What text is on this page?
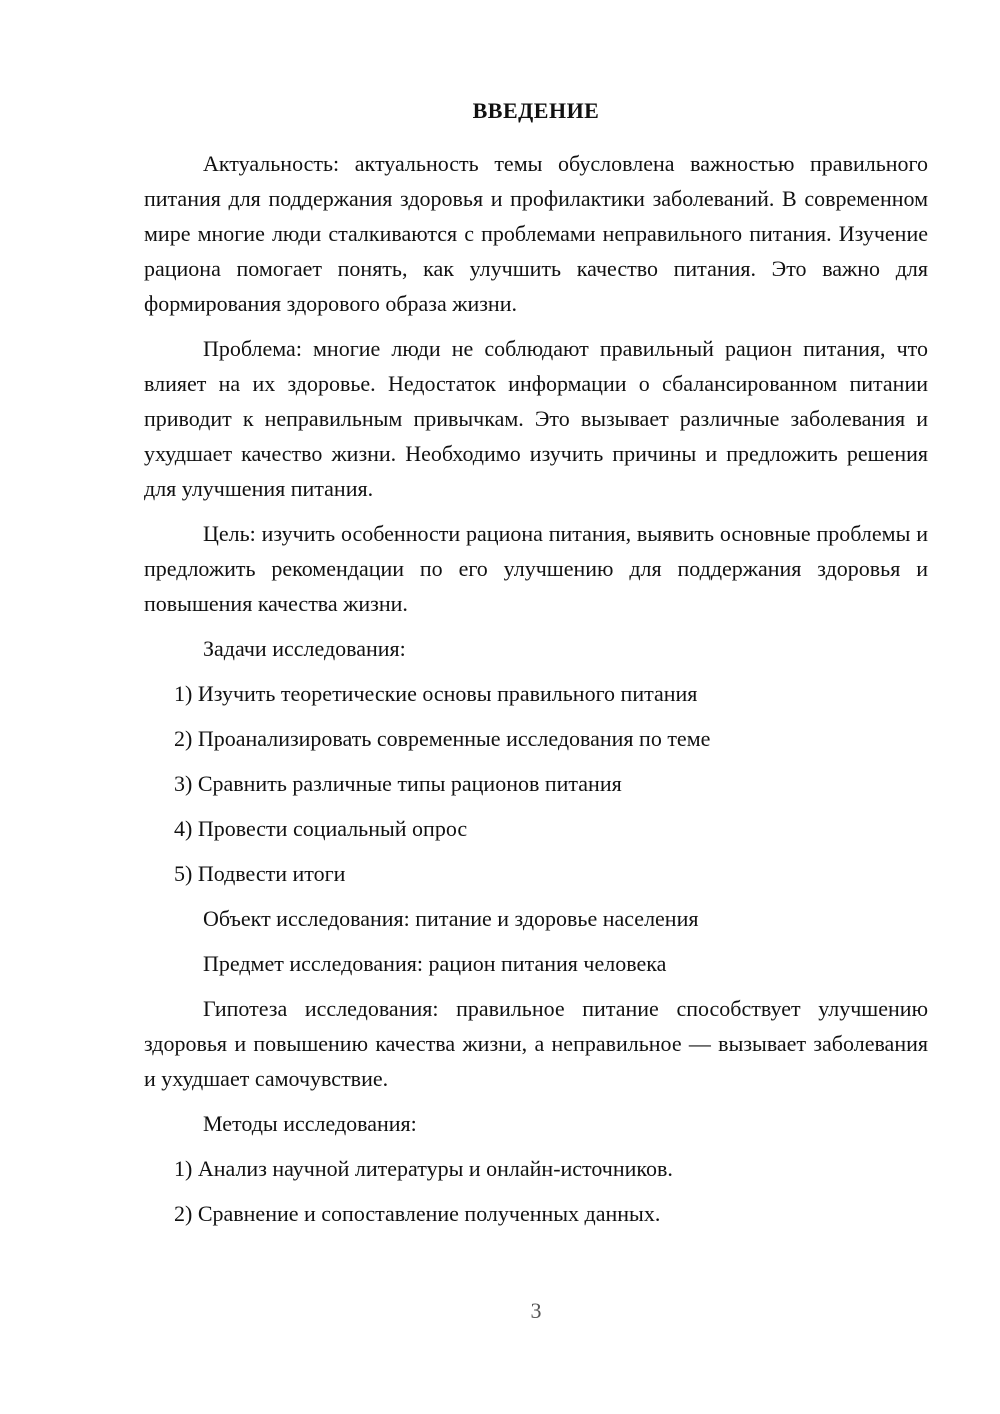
ВВЕДЕНИЕ

Актуальность: актуальность темы обусловлена важностью правильного питания для поддержания здоровья и профилактики заболеваний. В современном мире многие люди сталкиваются с проблемами неправильного питания. Изучение рациона помогает понять, как улучшить качество питания. Это важно для формирования здорового образа жизни.

Проблема: многие люди не соблюдают правильный рацион питания, что влияет на их здоровье. Недостаток информации о сбалансированном питании приводит к неправильным привычкам. Это вызывает различные заболевания и ухудшает качество жизни. Необходимо изучить причины и предложить решения для улучшения питания.

Цель: изучить особенности рациона питания, выявить основные проблемы и предложить рекомендации по его улучшению для поддержания здоровья и повышения качества жизни.

Задачи исследования:
1) Изучить теоретические основы правильного питания
2) Проанализировать современные исследования по теме
3) Сравнить различные типы рационов питания
4) Провести социальный опрос
5) Подвести итоги
Объект исследования: питание и здоровье населения
Предмет исследования: рацион питания человека

Гипотеза исследования: правильное питание способствует улучшению здоровья и повышению качества жизни, а неправильное — вызывает заболевания и ухудшает самочувствие.

Методы исследования:
1) Анализ научной литературы и онлайн-источников.
2) Сравнение и сопоставление полученных данных.
3
